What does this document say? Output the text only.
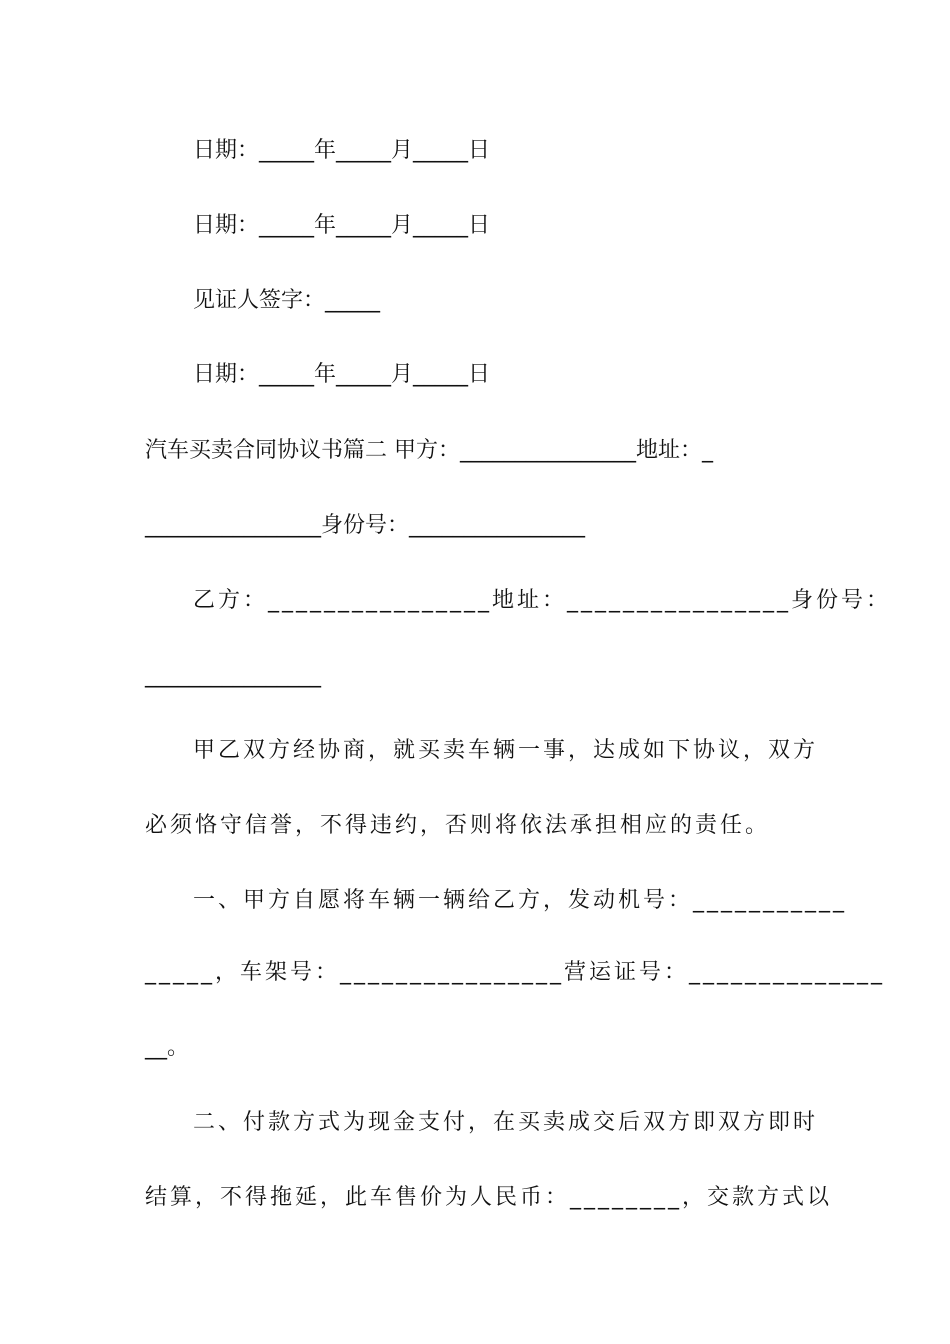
日期：_____年_____月_____日
日期：_____年_____月_____日
见证人签字：_____
日期：_____年_____月_____日
汽车买卖合同协议书篇二 甲方：________________地址：_
________________身份号：________________
乙方：________________地址：________________身份号：
________________
甲乙双方经协商，就买卖车辆一事，达成如下协议，双方
必须恪守信誉，不得违约，否则将依法承担相应的责任。
一、甲方自愿将车辆一辆给乙方，发动机号：___________
_____，车架号：________________营运证号：______________
__。
二、付款方式为现金支付，在买卖成交后双方即双方即时
结算，不得拖延，此车售价为人民币：________，交款方式以
